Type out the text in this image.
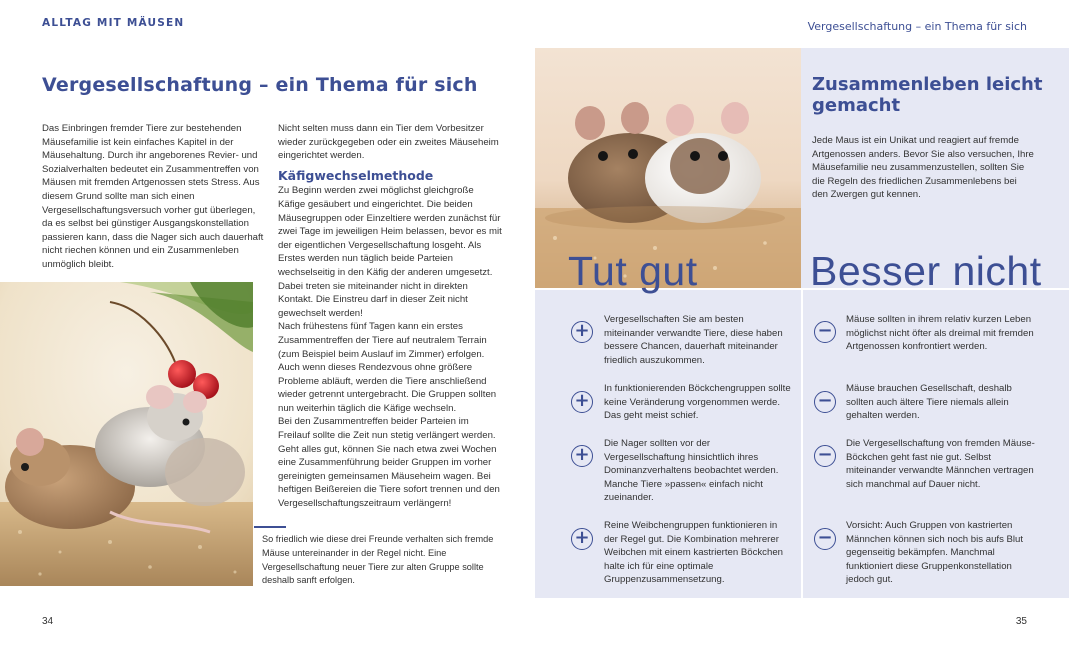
ALLTAG MIT MÄUSEN	Vergesellschaftung – ein Thema für sich
Vergesellschaftung – ein Thema für sich
Das Einbringen fremder Tiere zur bestehenden Mäusefamilie ist kein einfaches Kapitel in der Mäusehaltung. Durch ihr angeborenes Revier- und Sozialverhalten bedeutet ein Zusammentreffen von Mäusen mit fremden Artgenossen stets Stress. Aus diesem Grund sollte man sich einen Vergesellschaftungsversuch vorher gut überlegen, da es selbst bei günstiger Ausgangskonstellation passieren kann, dass die Nager sich auch dauerhaft nicht riechen können und ein Zusammenleben unmöglich bleibt.

Nicht selten muss dann ein Tier dem Vorbesitzer wieder zurückgegeben oder ein zweites Mäuseheim eingerichtet werden.

Käfigwechselmethode

Zu Beginn werden zwei möglichst gleichgroße Käfige gesäubert und eingerichtet. Die beiden Mäusegruppen oder Einzeltiere werden zunächst für zwei Tage im jeweiligen Heim belassen, bevor es mit der eigentlichen Vergesellschaftung losgeht. Als Erstes werden nun täglich beide Parteien wechselseitig in den Käfig der anderen umgesetzt. Dabei treten sie miteinander nicht in direkten Kontakt. Die Einstreu darf in dieser Zeit nicht gewechselt werden!

Nach frühestens fünf Tagen kann ein erstes Zusammentreffen der Tiere auf neutralem Terrain (zum Beispiel beim Auslauf im Zimmer) erfolgen. Auch wenn dieses Rendezvous ohne größere Probleme abläuft, werden die Tiere anschließend wieder getrennt untergebracht. Die Gruppen sollten nun weiterhin täglich die Käfige wechseln.

Bei den Zusammentreffen beider Parteien im Freilauf sollte die Zeit nun stetig verlängert werden. Geht alles gut, können Sie nach etwa zwei Wochen eine Zusammenführung beider Gruppen im vorher gereinigten gemeinsamen Mäuseheim wagen. Bei heftigen Beißereien die Tiere sofort trennen und den Vergesellschaftungszeitraum verlängern!

So friedlich wie diese drei Freunde verhalten sich fremde Mäuse untereinander in der Regel nicht. Eine Vergesellschaftung neuer Tiere zur alten Gruppe sollte deshalb sanft erfolgen.
Zusammenleben leicht gemacht
Jede Maus ist ein Unikat und reagiert auf fremde Artgenossen anders. Bevor Sie also versuchen, Ihre Mäusefamilie neu zusammenzustellen, sollten Sie die Regeln des friedlichen Zusammenlebens bei den Zwergen gut kennen.
Tut gut	Besser nicht
+
Vergesellschaften Sie am besten miteinander verwandte Tiere, diese haben bessere Chancen, dauerhaft miteinander friedlich auszukommen.
+
In funktionierenden Böckchengruppen sollte keine Veränderung vorgenommen werde. Das geht meist schief.
+
Die Nager sollten vor der Vergesellschaftung hinsichtlich ihres Dominanzverhaltens beobachtet werden. Manche Tiere »passen« einfach nicht zueinander.
+
Reine Weibchengruppen funktionieren in der Regel gut. Die Kombination mehrerer Weibchen mit einem kastrierten Böckchen halte ich für eine optimale Gruppenzusammensetzung.
−
Mäuse sollten in ihrem relativ kurzen Leben möglichst nicht öfter als dreimal mit fremden Artgenossen konfrontiert werden.
−
Mäuse brauchen Gesellschaft, deshalb sollten auch ältere Tiere niemals allein gehalten werden.
−
Die Vergesellschaftung von fremden Mäuse-Böckchen geht fast nie gut. Selbst miteinander verwandte Männchen vertragen sich manchmal auf Dauer nicht.
−
Vorsicht: Auch Gruppen von kastrierten Männchen können sich noch bis aufs Blut gegenseitig bekämpfen. Manchmal funktioniert diese Gruppenkonstellation jedoch gut.
34	35
